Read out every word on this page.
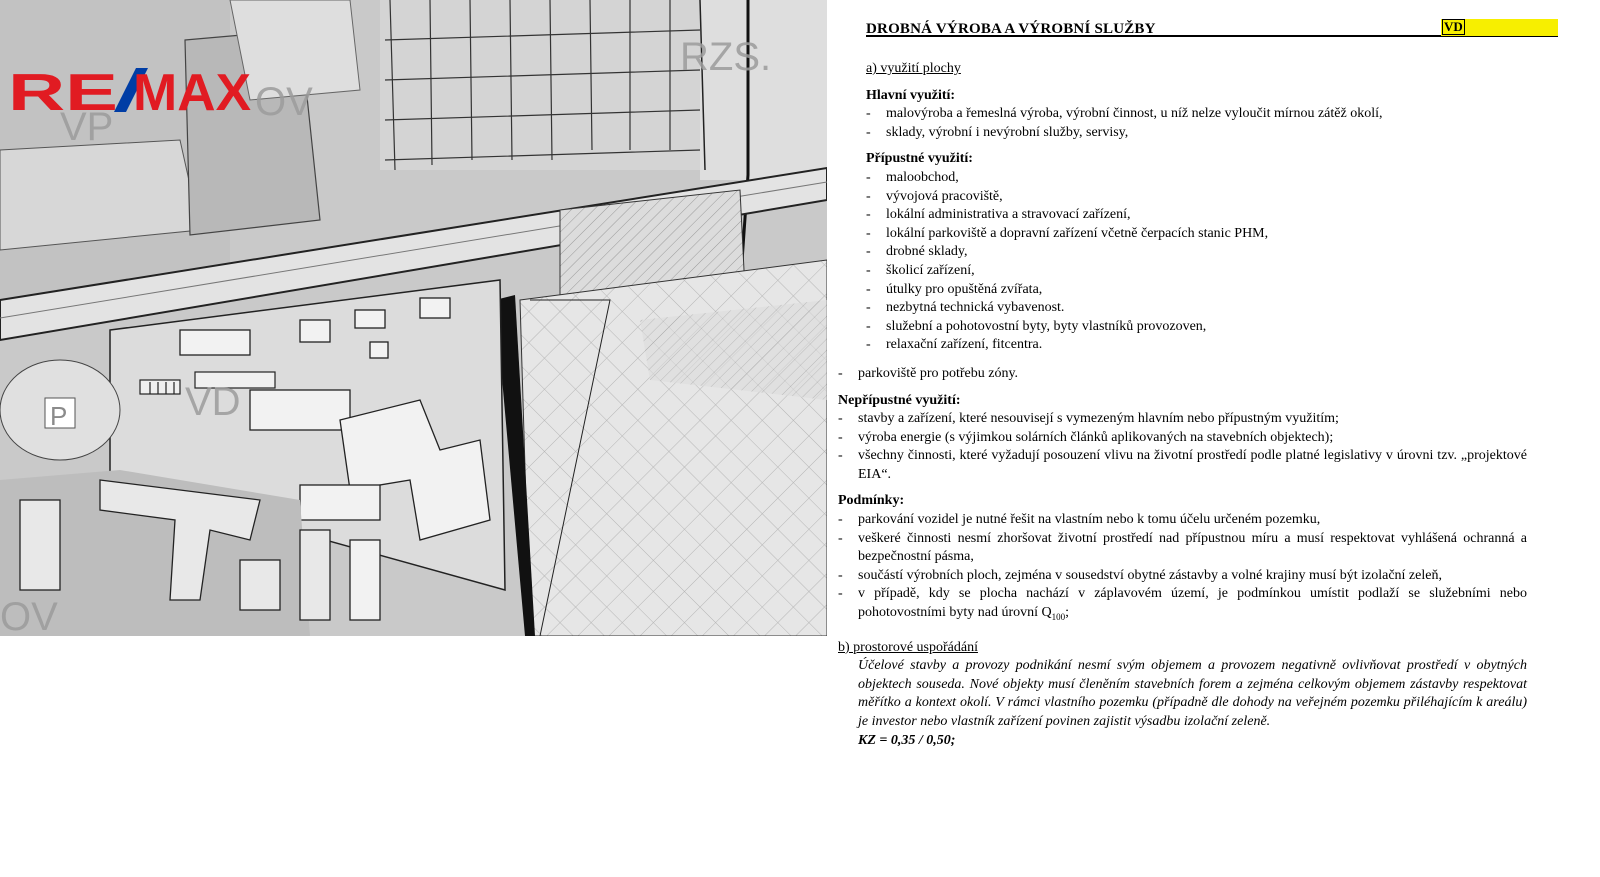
VP
OV
RZS.
VD
P
OV
RE MAX
DROBNÁ VÝROBA A VÝROBNÍ SLUŽBY	VD
a) využití plochy
Hlavní využití:
- malovýroba a řemeslná výroba, výrobní činnost, u níž nelze vyloučit mírnou zátěž okolí,
- sklady, výrobní i nevýrobní služby, servisy,
Přípustné využití:
- maloobchod,
- vývojová pracoviště,
- lokální administrativa a stravovací zařízení,
- lokální parkoviště a dopravní zařízení včetně čerpacích stanic PHM,
- drobné sklady,
- školicí zařízení,
- útulky pro opuštěná zvířata,
- nezbytná technická vybavenost.
- služební a pohotovostní byty, byty vlastníků provozoven,
- relaxační zařízení, fitcentra.
- parkoviště pro potřebu zóny.
Nepřípustné využití:
- stavby a zařízení, které nesouvisejí s vymezeným hlavním nebo přípustným využitím;
- výroba energie (s výjimkou solárních článků aplikovaných na stavebních objektech);
- všechny činnosti, které vyžadují posouzení vlivu na životní prostředí podle platné legislativy v úrovni tzv. „projektové EIA“.
Podmínky:
- parkování vozidel je nutné řešit na vlastním nebo k tomu účelu určeném pozemku,
- veškeré činnosti nesmí zhoršovat životní prostředí nad přípustnou míru a musí respektovat vyhlášená ochranná a bezpečnostní pásma,
- součástí výrobních ploch, zejména v sousedství obytné zástavby a volné krajiny musí být izolační zeleň,
- v případě, kdy se plocha nachází v záplavovém území, je podmínkou umístit podlaží se služebními nebo pohotovostními byty nad úrovní $Q_{100}$;
b) prostorové uspořádání
Účelové stavby a provozy podnikání nesmí svým objemem a provozem negativně ovlivňovat prostředí v obytných objektech souseda. Nové objekty musí členěním stavebních forem a zejména celkovým objemem zástavby respektovat měřítko a kontext okolí. V rámci vlastního pozemku (případně dle dohody na veřejném pozemku přiléhajícím k areálu) je investor nebo vlastník zařízení povinen zajistit výsadbu izolační zeleně.
KZ = 0,35 / 0,50;
